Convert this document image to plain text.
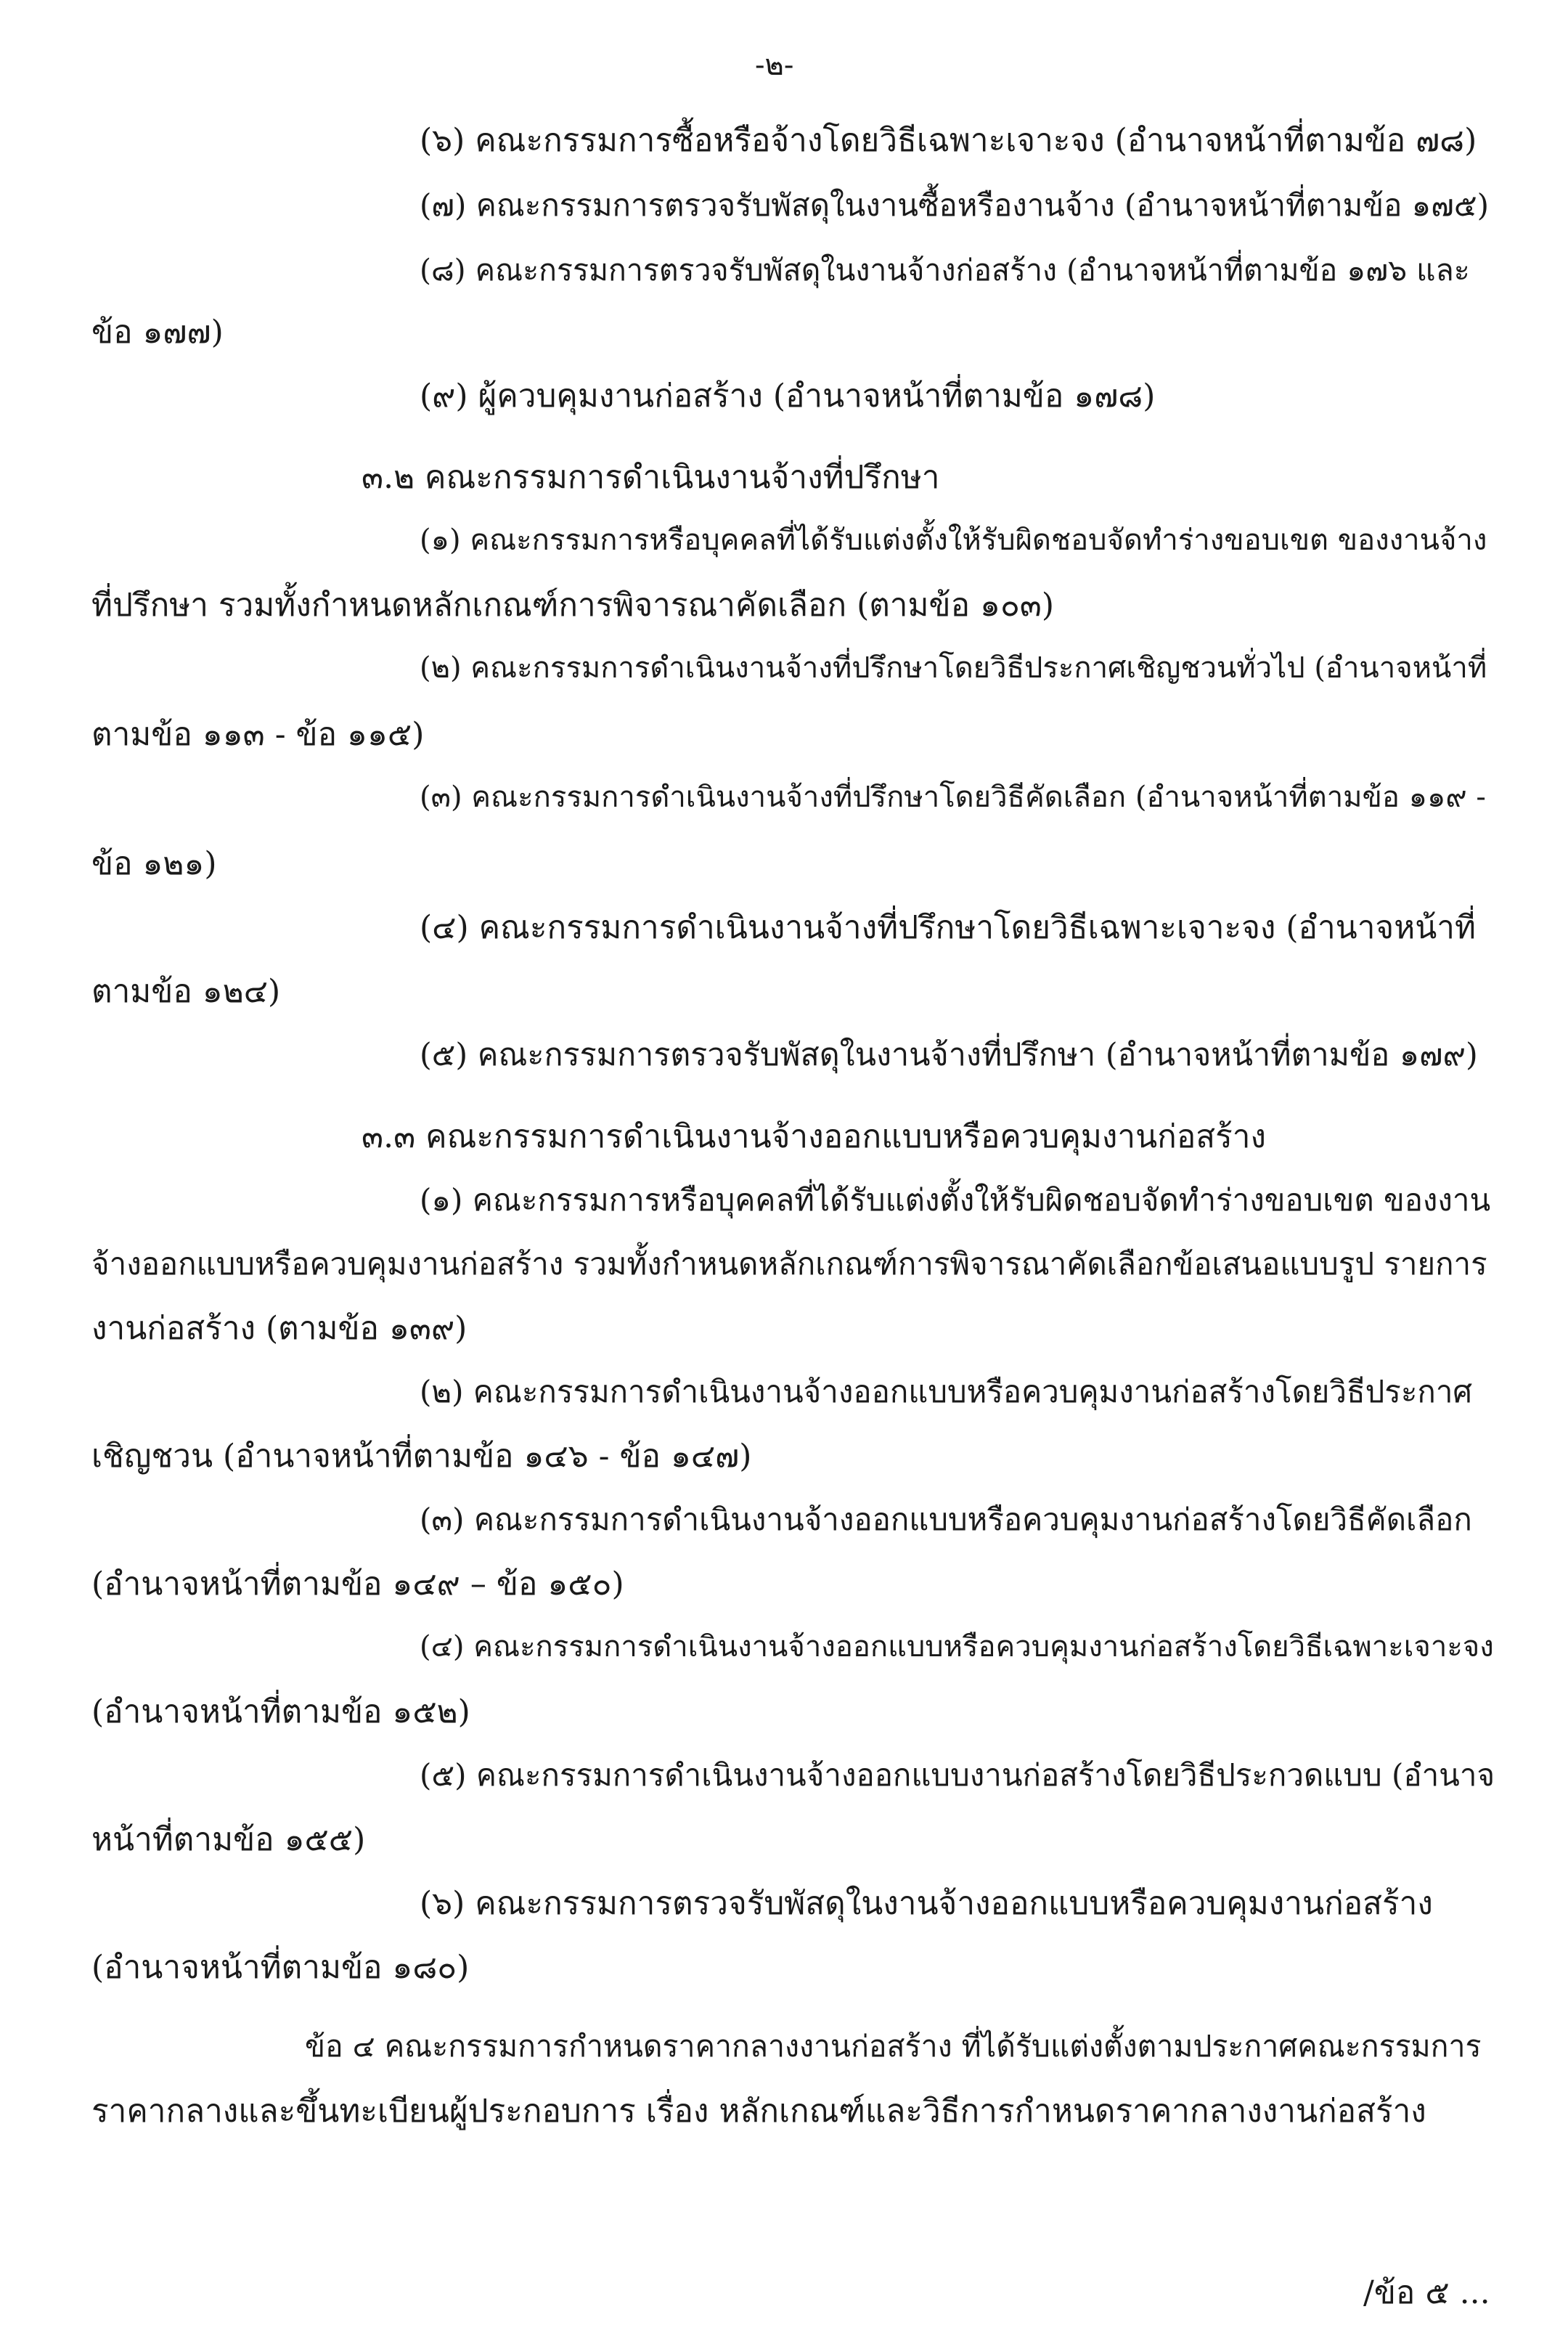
-๒-
(๖) คณะกรรมการซื้อหรือจ้างโดยวิธีเฉพาะเจาะจง (อำนาจหน้าที่ตามข้อ ๗๘)
(๗) คณะกรรมการตรวจรับพัสดุในงานซื้อหรืองานจ้าง (อำนาจหน้าที่ตามข้อ ๑๗๕)
(๘) คณะกรรมการตรวจรับพัสดุในงานจ้างก่อสร้าง (อำนาจหน้าที่ตามข้อ ๑๗๖ และ
ข้อ ๑๗๗)
(๙) ผู้ควบคุมงานก่อสร้าง (อำนาจหน้าที่ตามข้อ ๑๗๘)
๓.๒ คณะกรรมการดำเนินงานจ้างที่ปรึกษา
(๑) คณะกรรมการหรือบุคคลที่ได้รับแต่งตั้งให้รับผิดชอบจัดทำร่างขอบเขต ของงานจ้าง
ที่ปรึกษา รวมทั้งกำหนดหลักเกณฑ์การพิจารณาคัดเลือก (ตามข้อ ๑๐๓)
(๒) คณะกรรมการดำเนินงานจ้างที่ปรึกษาโดยวิธีประกาศเชิญชวนทั่วไป (อำนาจหน้าที่
ตามข้อ ๑๑๓ - ข้อ ๑๑๕)
(๓) คณะกรรมการดำเนินงานจ้างที่ปรึกษาโดยวิธีคัดเลือก (อำนาจหน้าที่ตามข้อ ๑๑๙ -
ข้อ ๑๒๑)
(๔) คณะกรรมการดำเนินงานจ้างที่ปรึกษาโดยวิธีเฉพาะเจาะจง (อำนาจหน้าที่
ตามข้อ ๑๒๔)
(๕) คณะกรรมการตรวจรับพัสดุในงานจ้างที่ปรึกษา (อำนาจหน้าที่ตามข้อ ๑๗๙)
๓.๓ คณะกรรมการดำเนินงานจ้างออกแบบหรือควบคุมงานก่อสร้าง
(๑) คณะกรรมการหรือบุคคลที่ได้รับแต่งตั้งให้รับผิดชอบจัดทำร่างขอบเขต ของงาน
จ้างออกแบบหรือควบคุมงานก่อสร้าง รวมทั้งกำหนดหลักเกณฑ์การพิจารณาคัดเลือกข้อเสนอแบบรูป รายการ
งานก่อสร้าง (ตามข้อ ๑๓๙)
(๒) คณะกรรมการดำเนินงานจ้างออกแบบหรือควบคุมงานก่อสร้างโดยวิธีประกาศ
เชิญชวน (อำนาจหน้าที่ตามข้อ ๑๔๖ - ข้อ ๑๔๗)
(๓) คณะกรรมการดำเนินงานจ้างออกแบบหรือควบคุมงานก่อสร้างโดยวิธีคัดเลือก
(อำนาจหน้าที่ตามข้อ ๑๔๙ – ข้อ ๑๕๐)
(๔) คณะกรรมการดำเนินงานจ้างออกแบบหรือควบคุมงานก่อสร้างโดยวิธีเฉพาะเจาะจง
(อำนาจหน้าที่ตามข้อ ๑๕๒)
(๕) คณะกรรมการดำเนินงานจ้างออกแบบงานก่อสร้างโดยวิธีประกวดแบบ (อำนาจ
หน้าที่ตามข้อ ๑๕๕)
(๖) คณะกรรมการตรวจรับพัสดุในงานจ้างออกแบบหรือควบคุมงานก่อสร้าง
(อำนาจหน้าที่ตามข้อ ๑๘๐)
ข้อ ๔ คณะกรรมการกำหนดราคากลางงานก่อสร้าง ที่ได้รับแต่งตั้งตามประกาศคณะกรรมการ
ราคากลางและขึ้นทะเบียนผู้ประกอบการ เรื่อง หลักเกณฑ์และวิธีการกำหนดราคากลางงานก่อสร้าง
/ข้อ ๕ ...
